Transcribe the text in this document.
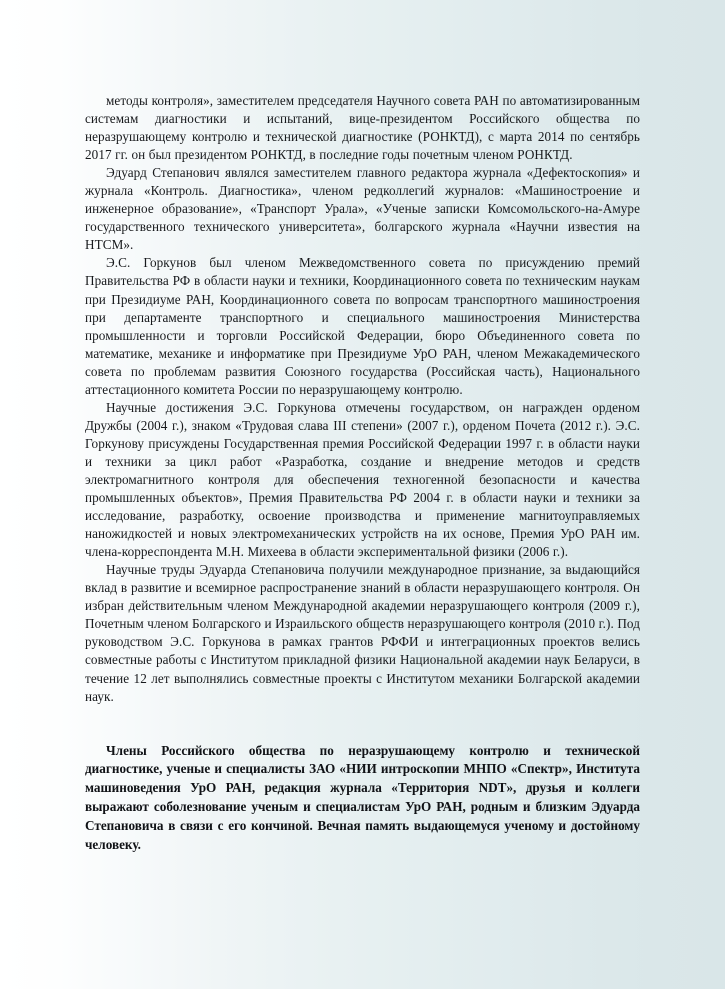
методы контроля», заместителем председателя Научного совета РАН по автоматизированным системам диагностики и испытаний, вице-президентом Российского общества по неразрушающему контролю и технической диагностике (РОНКТД), с марта 2014 по сентябрь 2017 гг. он был президентом РОНКТД, в последние годы почетным членом РОНКТД.

Эдуард Степанович являлся заместителем главного редактора журнала «Дефектоскопия» и журнала «Контроль. Диагностика», членом редколлегий журналов: «Машиностроение и инженерное образование», «Транспорт Урала», «Ученые записки Комсомольского-на-Амуре государственного технического университета», болгарского журнала «Научни известия на НТСМ».

Э.С. Горкунов был членом Межведомственного совета по присуждению премий Правительства РФ в области науки и техники, Координационного совета по техническим наукам при Президиуме РАН, Координационного совета по вопросам транспортного машиностроения при департаменте транспортного и специального машиностроения Министерства промышленности и торговли Российской Федерации, бюро Объединенного совета по математике, механике и информатике при Президиуме УрО РАН, членом Межакадемического совета по проблемам развития Союзного государства (Российская часть), Национального аттестационного комитета России по неразрушающему контролю.

Научные достижения Э.С. Горкунова отмечены государством, он награжден орденом Дружбы (2004 г.), знаком «Трудовая слава III степени» (2007 г.), орденом Почета (2012 г.). Э.С. Горкунову присуждены Государственная премия Российской Федерации 1997 г. в области науки и техники за цикл работ «Разработка, создание и внедрение методов и средств электромагнитного контроля для обеспечения техногенной безопасности и качества промышленных объектов», Премия Правительства РФ 2004 г. в области науки и техники за исследование, разработку, освоение производства и применение магнитоуправляемых наножидкостей и новых электромеханических устройств на их основе, Премия УрО РАН им. члена-корреспондента М.Н. Михеева в области экспериментальной физики (2006 г.).

Научные труды Эдуарда Степановича получили международное признание, за выдающийся вклад в развитие и всемирное распространение знаний в области неразрушающего контроля. Он избран действительным членом Международной академии неразрушающего контроля (2009 г.), Почетным членом Болгарского и Израильского обществ неразрушающего контроля (2010 г.). Под руководством Э.С. Горкунова в рамках грантов РФФИ и интеграционных проектов велись совместные работы с Институтом прикладной физики Национальной академии наук Беларуси, в течение 12 лет выполнялись совместные проекты с Институтом механики Болгарской академии наук.

Члены Российского общества по неразрушающему контролю и технической диагностике, ученые и специалисты ЗАО «НИИ интроскопии МНПО «Спектр», Института машиноведения УрО РАН, редакция журнала «Территория NDT», друзья и коллеги выражают соболезнование ученым и специалистам УрО РАН, родным и близким Эдуарда Степановича в связи с его кончиной. Вечная память выдающемуся ученому и достойному человеку.
